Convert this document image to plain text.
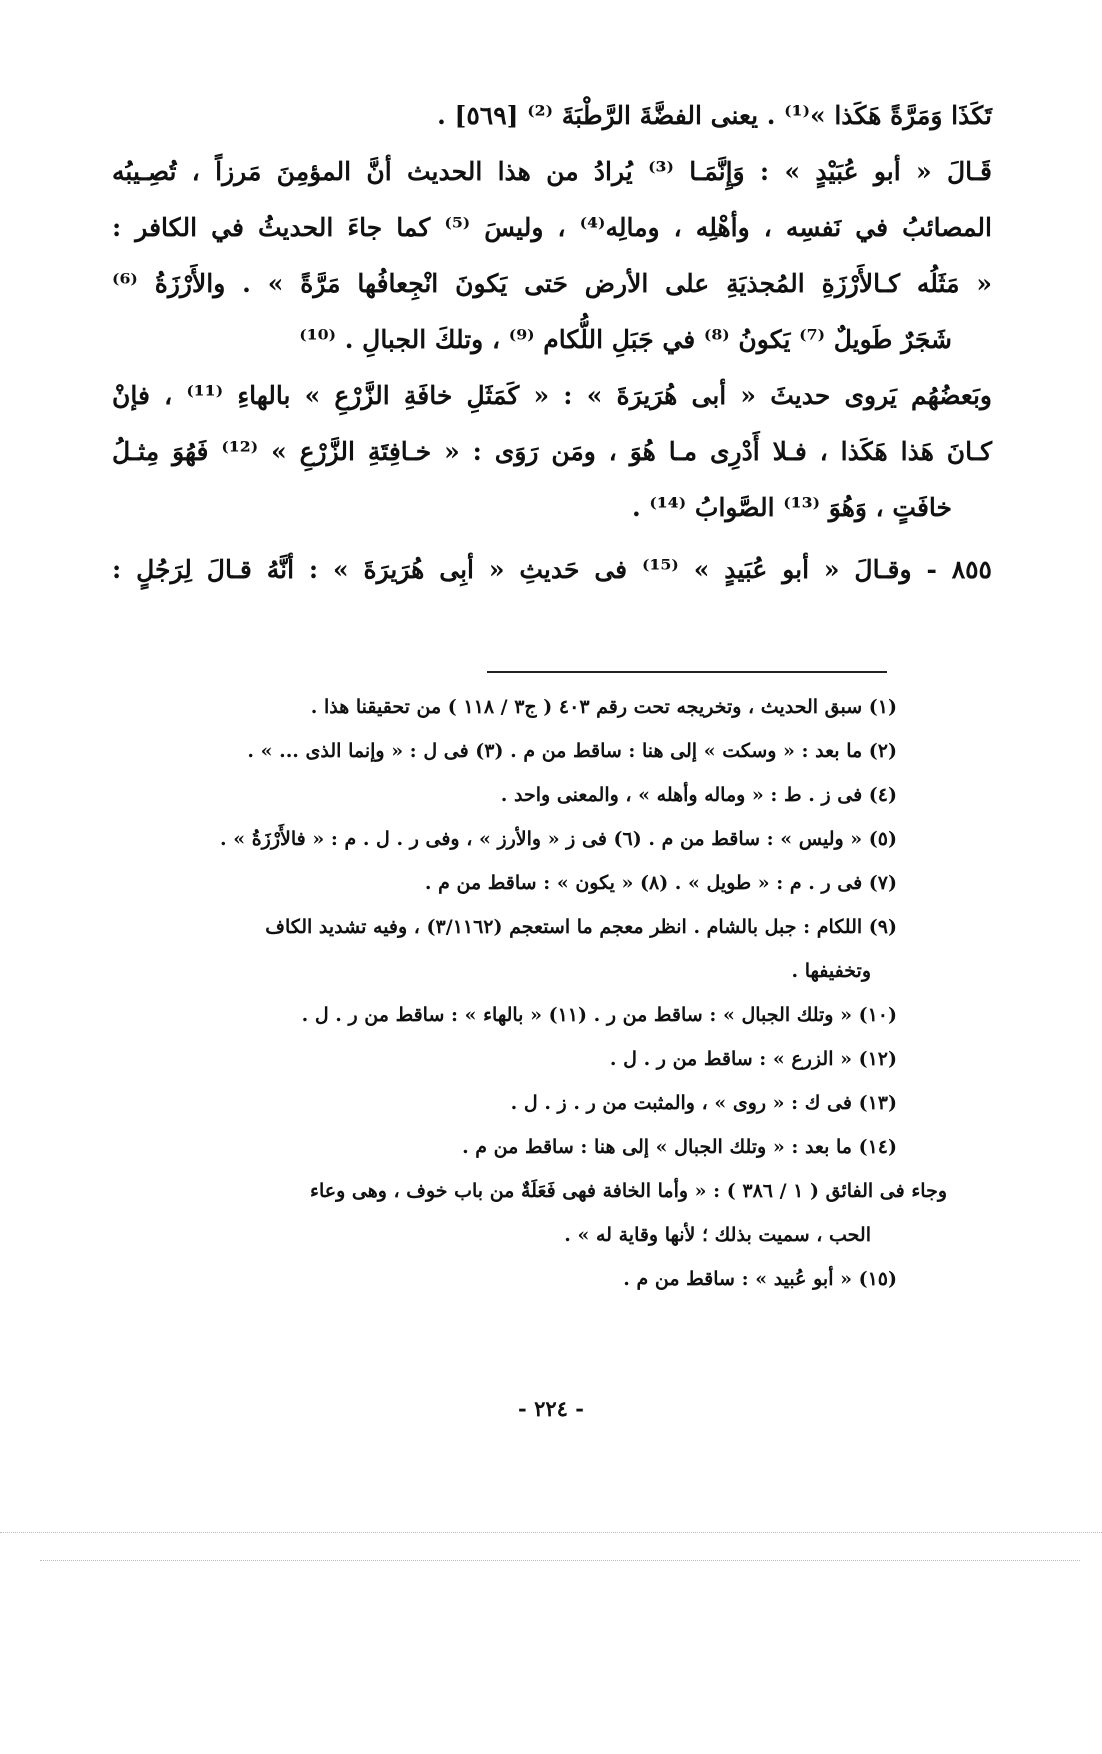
تَكَذَا وَمَرَّةً هَكَذا »⁽¹⁾ . يعنى الفضَّةَ الرَّطْبَةَ ⁽²⁾ [٥٦٩] .
قَـالَ « أبو عُبَيْدٍ » : وَإِنَّمَـا ⁽³⁾ يُرادُ من هذا الحديث أنَّ المؤمِنَ مَرزاً ، تُصِـيبُه
المصائبُ في نَفسِه ، وأهْلِه ، ومالِه⁽⁴⁾ ، وليسَ ⁽⁵⁾ كما جاءَ الحديثُ في الكافر :
« مَثَلُه كـالأَرْزَةِ المُجذيَةِ على الأرض حَتى يَكونَ انْجِعافُها مَرَّةً » . والأَرْزَةُ ⁽⁶⁾
شَجَرٌ طَويلٌ ⁽⁷⁾ يَكونُ ⁽⁸⁾ في جَبَلِ اللُّكام ⁽⁹⁾ ، وتلكَ الجبالِ . ⁽¹⁰⁾
وبَعضُهُم يَروى حديثَ « أبى هُرَيرَةَ » : « كَمَثَلِ خافَةِ الزَّرْعِ » بالهاءِ ⁽¹¹⁾ ، فإنْ
كـانَ هَذا هَكَذا ، فـلا أَدْرِى مـا هُوَ ، ومَن رَوَى : « خـافِتَةِ الزَّرْعِ » ⁽¹²⁾ فَهُوَ مِثـلُ
خافَتٍ ، وَهُوَ ⁽¹³⁾ الصَّوابُ ⁽¹⁴⁾ .
٨٥٥ - وقـالَ « أبو عُبَيدٍ » ⁽¹⁵⁾ فى حَديثِ « أبِى هُرَيرَةَ » : أنَّهُ قـالَ لِرَجُلٍ :
(١) سبق الحديث ، وتخريجه تحت رقم ٤٠٣ ( ج٣ / ١١٨ ) من تحقيقنا هذا .
(٢) ما بعد : « وسكت » إلى هنا : ساقط من م . (٣) فى ل : « وإنما الذى ... » .
(٤) فى ز . ط : « وماله وأهله » ، والمعنى واحد .
(٥) « وليس » : ساقط من م . (٦) فى ز « والأرز » ، وفى ر . ل . م : « فالأَرْزَةُ » .
(٧) فى ر . م : « طويل » . (٨) « يكون » : ساقط من م .
(٩) اللكام : جبل بالشام . انظر معجم ما استعجم (٣/١١٦٢) ، وفيه تشديد الكاف
وتخفيفها .
(١٠) « وتلك الجبال » : ساقط من ر . (١١) « بالهاء » : ساقط من ر . ل .
(١٢) « الزرع » : ساقط من ر . ل .
(١٣) فى ك : « روى » ، والمثبت من ر . ز . ل .
(١٤) ما بعد : « وتلك الجبال » إلى هنا : ساقط من م .
وجاء فى الفائق ( ١ / ٣٨٦ ) : « وأما الخافة فهى فَعَلَةٌ من باب خوف ، وهى وعاء
الحب ، سميت بذلك ؛ لأنها وقاية له » .
(١٥) « أبو عُبيد » : ساقط من م .
- ٢٢٤ -
